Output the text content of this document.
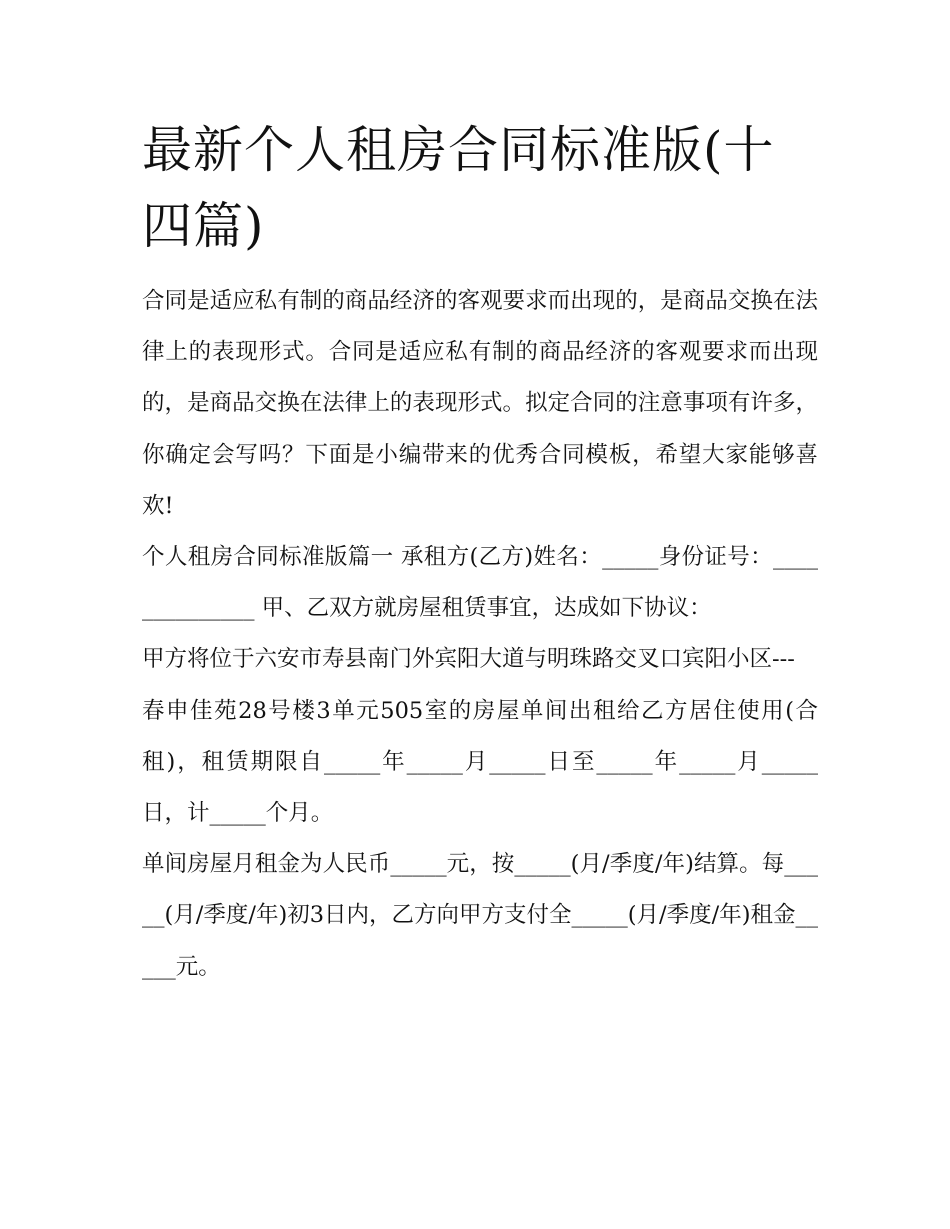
最新个人租房合同标准版(十四篇)

合同是适应私有制的商品经济的客观要求而出现的，是商品交换在法律上的表现形式。合同是适应私有制的商品经济的客观要求而出现的，是商品交换在法律上的表现形式。拟定合同的注意事项有许多，你确定会写吗？下面是小编带来的优秀合同模板，希望大家能够喜欢!

个人租房合同标准版篇一 承租方(乙方)姓名：_____身份证号：______________ 甲、乙双方就房屋租赁事宜，达成如下协议：

甲方将位于六安市寿县南门外宾阳大道与明珠路交叉口宾阳小区---

春申佳苑28号楼3单元505室的房屋单间出租给乙方居住使用(合租)，租赁期限自_____年_____月_____日至_____年_____月_____日，计_____个月。

单间房屋月租金为人民币_____元，按_____(月/季度/年)结算。每_____(月/季度/年)初3日内，乙方向甲方支付全_____(月/季度/年)租金_____元。
